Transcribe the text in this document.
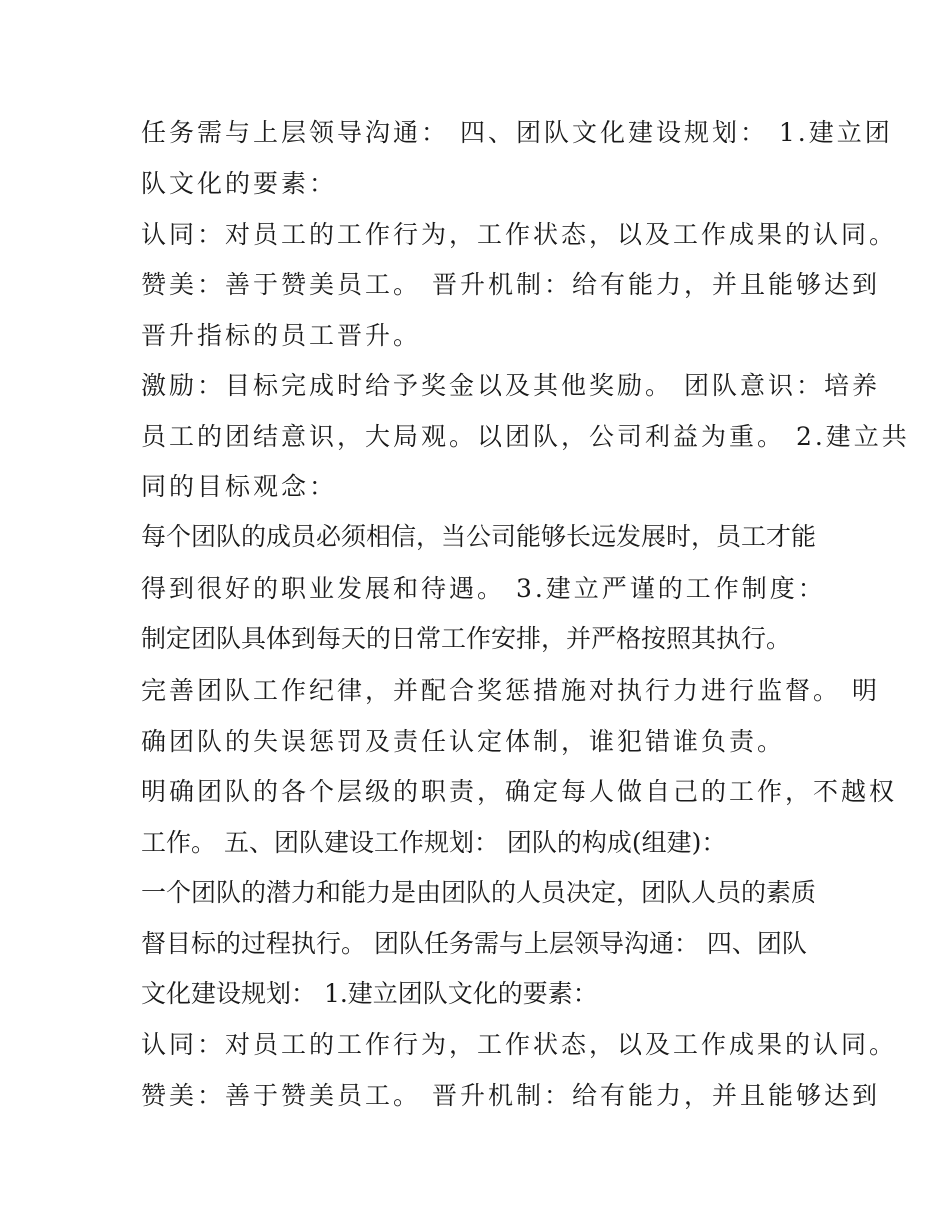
任务需与上层领导沟通： 四、团队文化建设规划： 1.建立团
队文化的要素：
认同：对员工的工作行为，工作状态，以及工作成果的认同。
赞美：善于赞美员工。 晋升机制：给有能力，并且能够达到
晋升指标的员工晋升。
激励：目标完成时给予奖金以及其他奖励。 团队意识：培养
员工的团结意识，大局观。以团队，公司利益为重。 2.建立共
同的目标观念：
每个团队的成员必须相信，当公司能够长远发展时，员工才能
得到很好的职业发展和待遇。 3.建立严谨的工作制度：
制定团队具体到每天的日常工作安排，并严格按照其执行。
完善团队工作纪律，并配合奖惩措施对执行力进行监督。 明
确团队的失误惩罚及责任认定体制，谁犯错谁负责。
明确团队的各个层级的职责，确定每人做自己的工作，不越权
工作。 五、团队建设工作规划： 团队的构成(组建)：
一个团队的潜力和能力是由团队的人员决定，团队人员的素质
督目标的过程执行。 团队任务需与上层领导沟通： 四、团队
文化建设规划： 1.建立团队文化的要素：
认同：对员工的工作行为，工作状态，以及工作成果的认同。
赞美：善于赞美员工。 晋升机制：给有能力，并且能够达到
